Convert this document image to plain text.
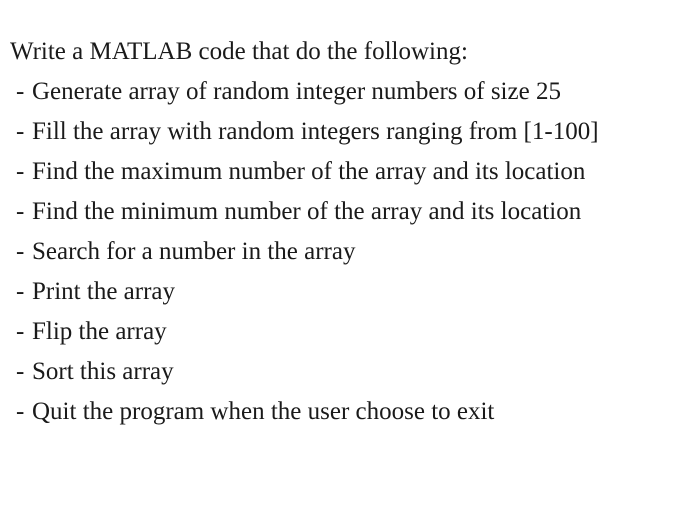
Write a MATLAB code that do the following:

- Generate array of random integer numbers of size 25
- Fill the array with random integers ranging from [1-100]
- Find the maximum number of the array and its location
- Find the minimum number of the array and its location
- Search for a number in the array
- Print the array
- Flip the array
- Sort this array
- Quit the program when the user choose to exit
